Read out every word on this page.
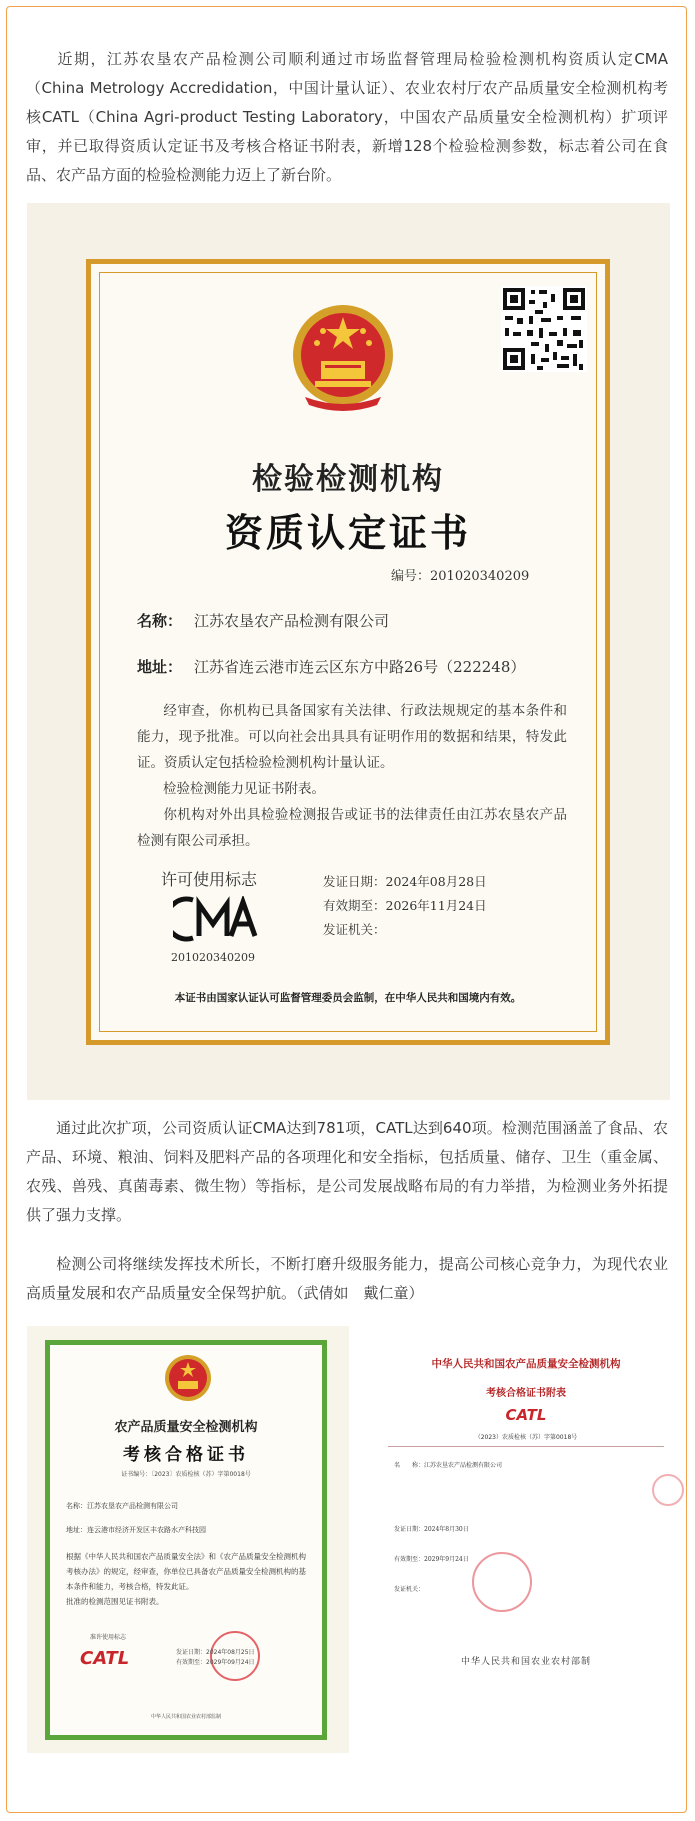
近期，江苏农垦农产品检测公司顺利通过市场监督管理局检验检测机构资质认定CMA（China Metrology Accredidation，中国计量认证）、农业农村厅农产品质量安全检测机构考核CATL（China Agri-product Testing Laboratory，中国农产品质量安全检测机构）扩项评审，并已取得资质认定证书及考核合格证书附表，新增128个检验检测参数，标志着公司在食品、农产品方面的检验检测能力迈上了新台阶。

检验检测机构
资质认定证书
编号：201020340209
名称： 江苏农垦农产品检测有限公司
地址： 江苏省连云港市连云区东方中路26号（222248）

经审查，你机构已具备国家有关法律、行政法规规定的基本条件和能力，现予批准。可以向社会出具具有证明作用的数据和结果，特发此证。资质认定包括检验检测机构计量认证。

检验检测能力见证书附表。

你机构对外出具检验检测报告或证书的法律责任由江苏农垦农产品检测有限公司承担。

许可使用标志
201020340209
发证日期：2024年08月28日
有效期至：2026年11月24日
发证机关：
本证书由国家认证认可监督管理委员会监制，在中华人民共和国境内有效。

通过此次扩项，公司资质认证CMA达到781项，CATL达到640项。检测范围涵盖了食品、农产品、环境、粮油、饲料及肥料产品的各项理化和安全指标，包括质量、储存、卫生（重金属、农残、兽残、真菌毒素、微生物）等指标，是公司发展战略布局的有力举措，为检测业务外拓提供了强力支撑。

检测公司将继续发挥技术所长，不断打磨升级服务能力，提高公司核心竞争力，为现代农业高质量发展和农产品质量安全保驾护航。（武倩如　戴仁童）

农产品质量安全检测机构
考核合格证书
证书编号：〔2023〕农质检核（苏）字第0018号
名称：江苏农垦农产品检测有限公司
地址：连云港市经济开发区丰农路水产科技园

根据《中华人民共和国农产品质量安全法》和《农产品质量安全检测机构考核办法》的规定，经审查，你单位已具备农产品质量安全检测机构的基本条件和能力，考核合格，特发此证。

批准的检测范围见证书附表。

准许使用标志
CATL	发证日期：2024年08月25日
有效期至：2029年09月24日
中华人民共和国农业农村部监制
中华人民共和国农产品质量安全检测机构
考核合格证书附表
CATL
（2023）农质检核（苏）字第0018号
名　　称：江苏农垦农产品检测有限公司
发证日期：2024年8月30日
有效期至：2029年9月24日
发证机关：
中华人民共和国农业农村部制
